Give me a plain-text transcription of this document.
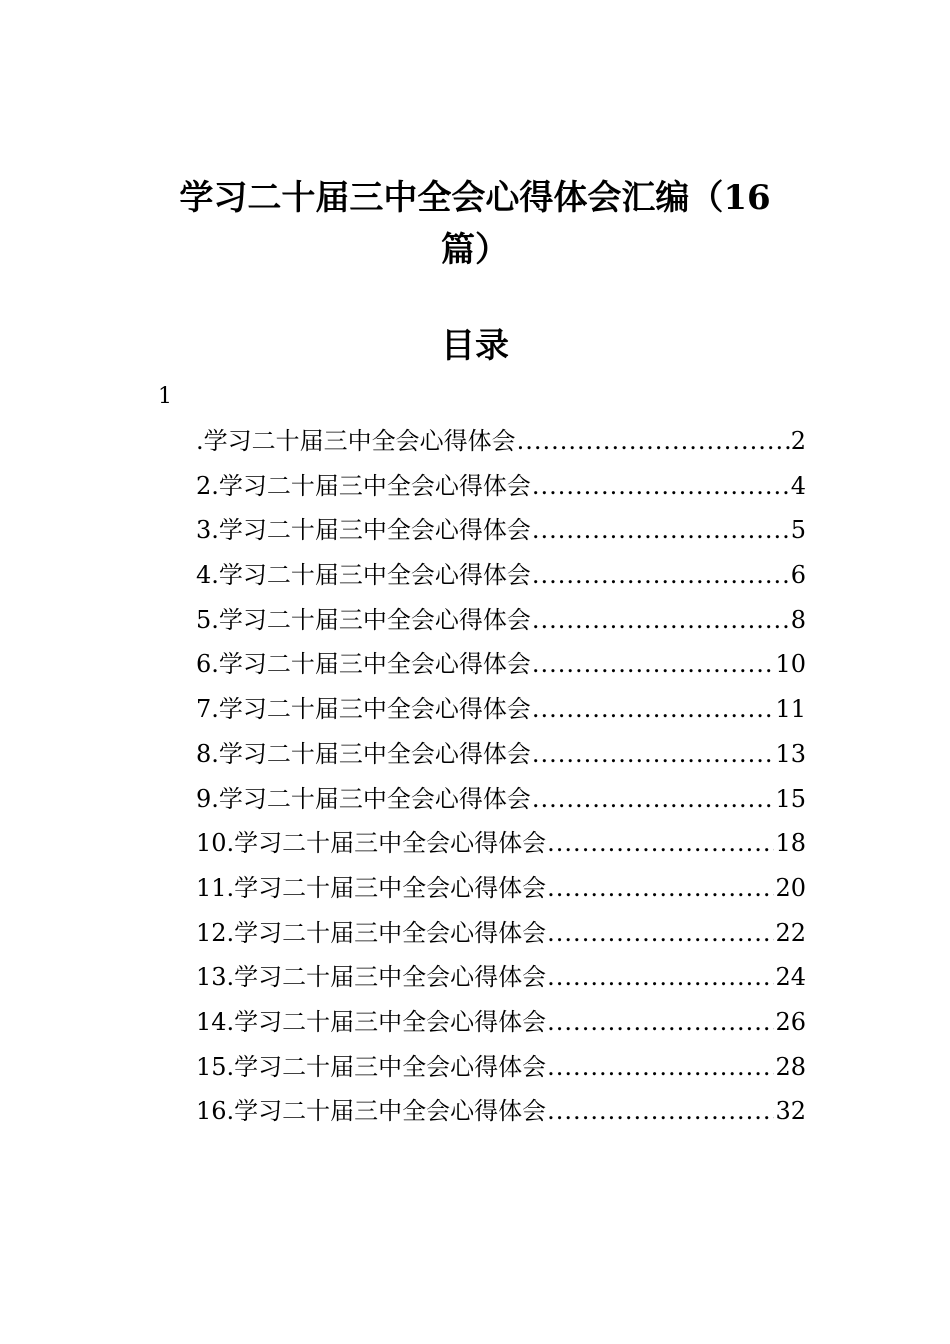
学习二十届三中全会心得体会汇编（16篇）
目录
1
.学习二十届三中全会心得体会 .....	2
2.学习二十届三中全会心得体会 .....	4
3.学习二十届三中全会心得体会 .....	5
4.学习二十届三中全会心得体会 .....	6
5.学习二十届三中全会心得体会 .....	8
6.学习二十届三中全会心得体会 .....	10
7.学习二十届三中全会心得体会 .....	11
8.学习二十届三中全会心得体会 .....	13
9.学习二十届三中全会心得体会 .....	15
10.学习二十届三中全会心得体会 .....	18
11.学习二十届三中全会心得体会 .....	20
12.学习二十届三中全会心得体会 .....	22
13.学习二十届三中全会心得体会 .....	24
14.学习二十届三中全会心得体会 .....	26
15.学习二十届三中全会心得体会 .....	28
16.学习二十届三中全会心得体会 .....	32
